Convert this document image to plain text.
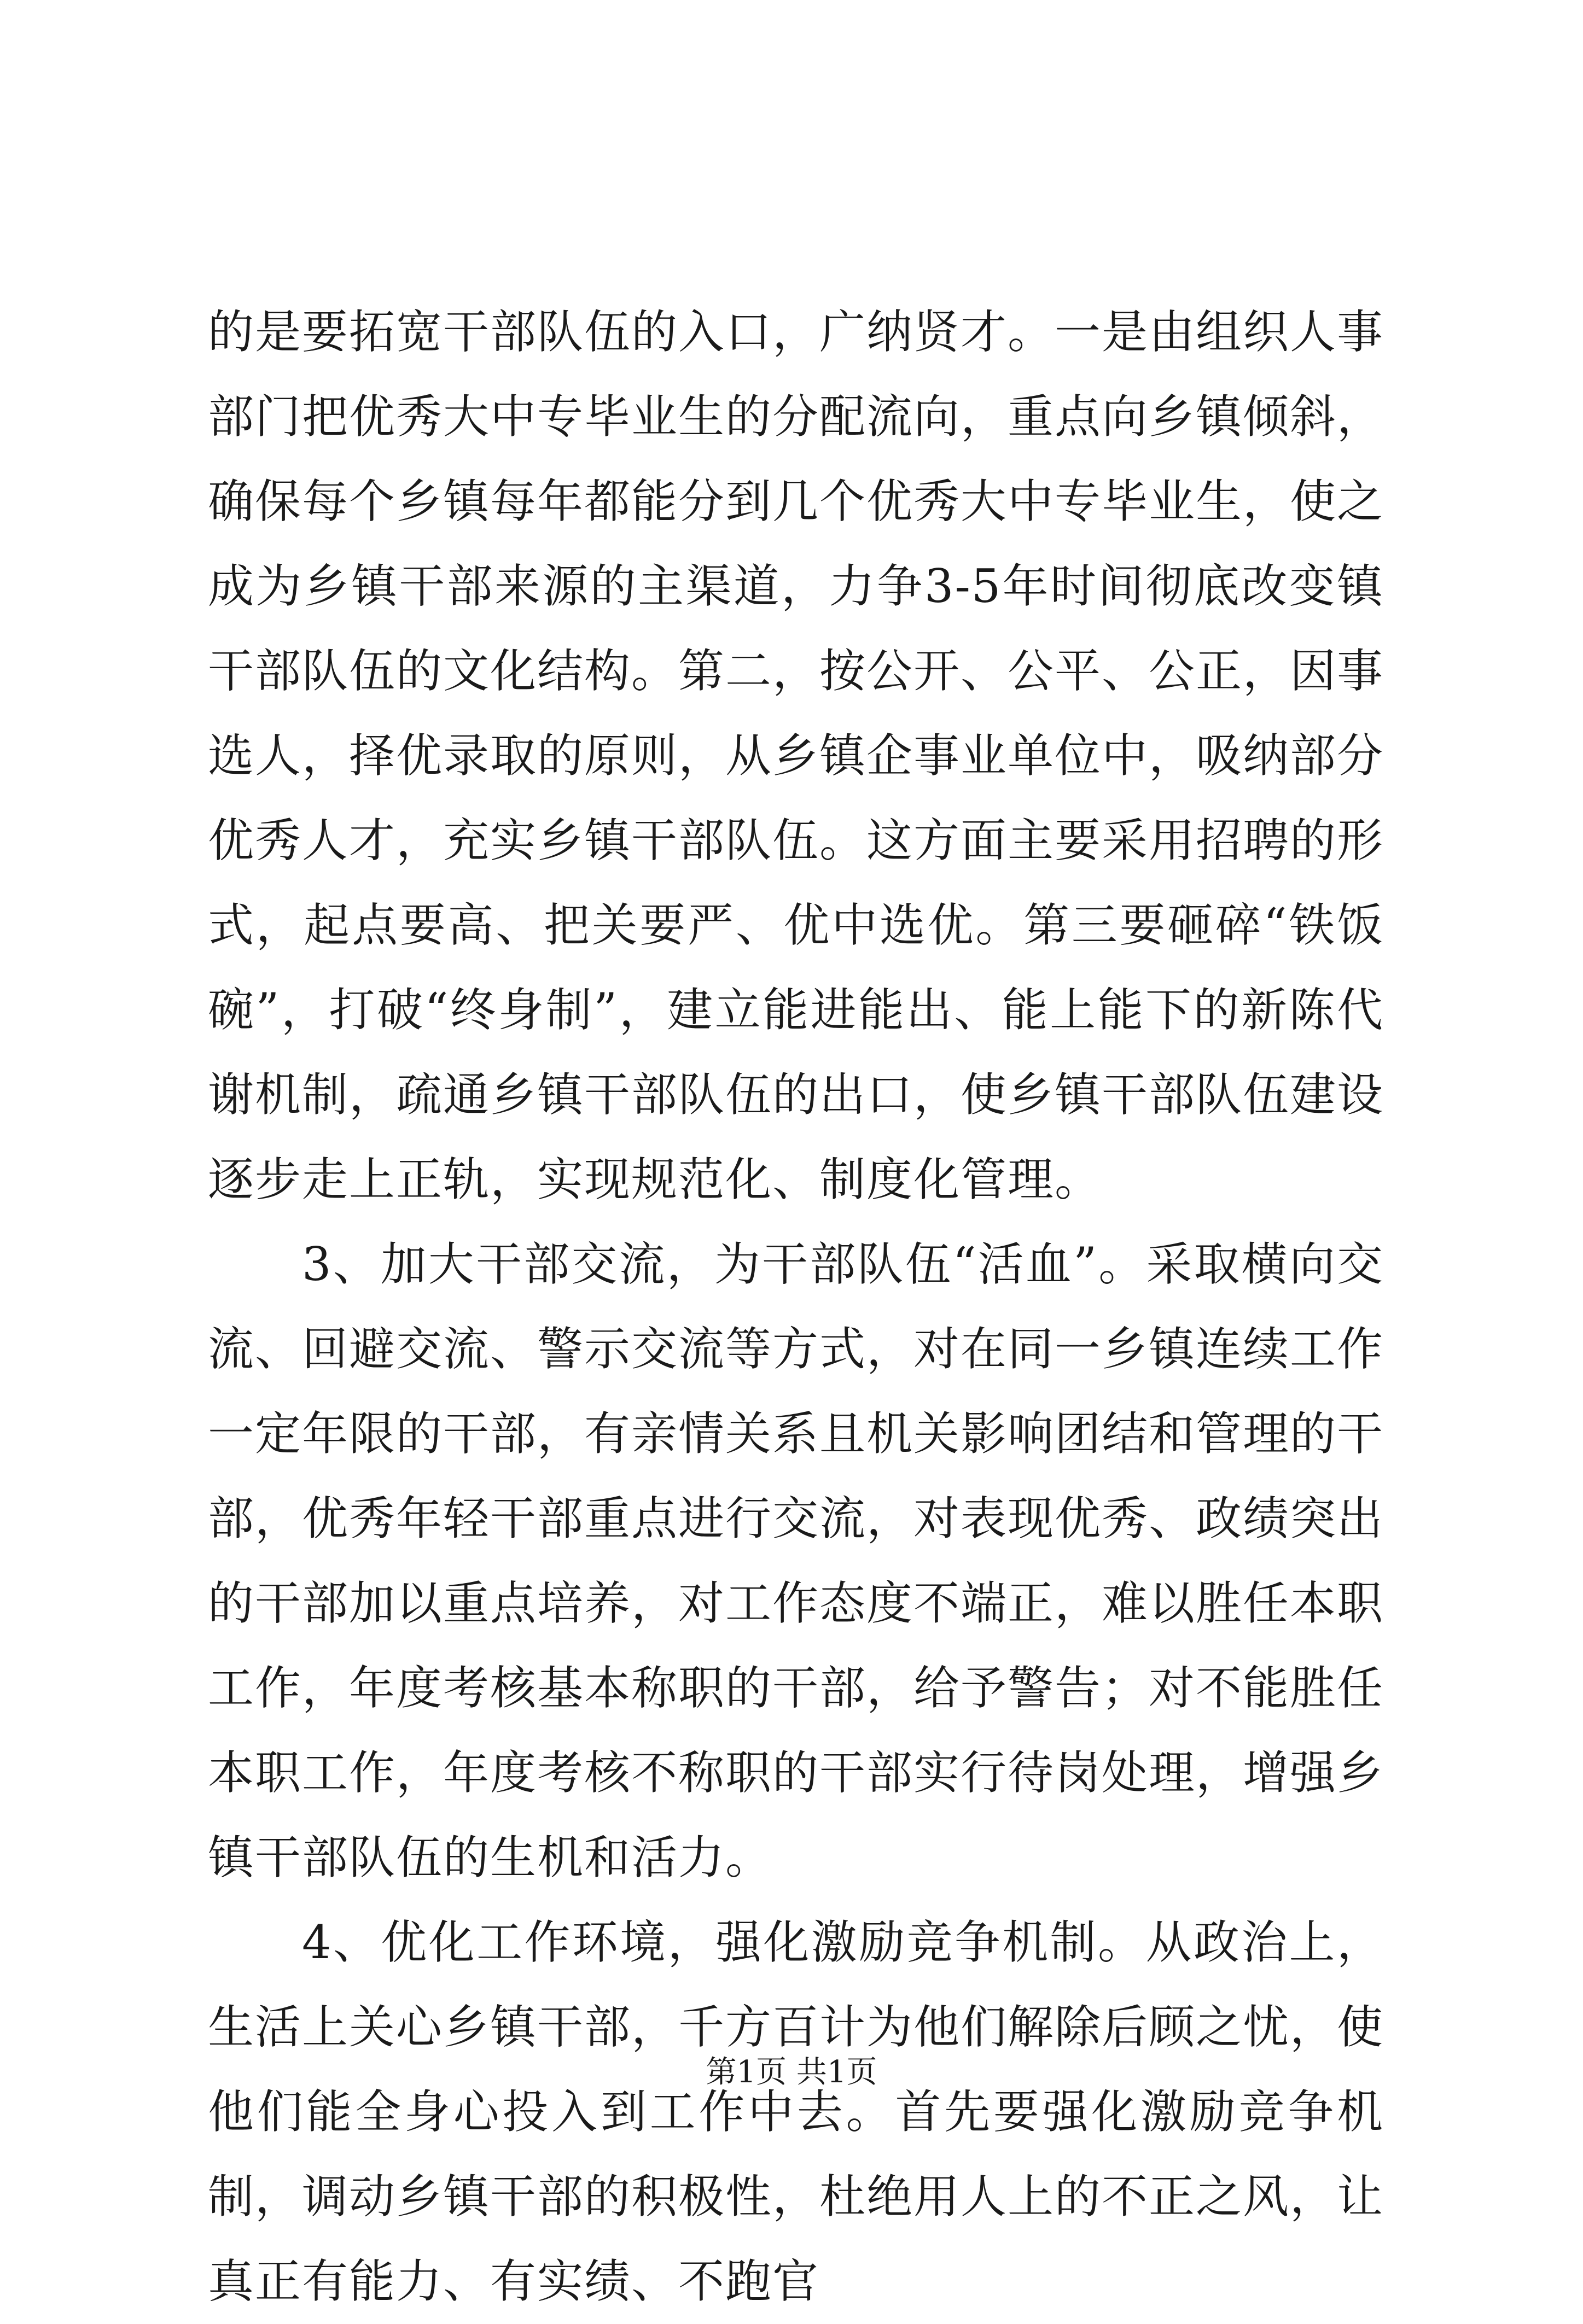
的是要拓宽干部队伍的入口，广纳贤才。一是由组织人事部门把优秀大中专毕业生的分配流向，重点向乡镇倾斜，确保每个乡镇每年都能分到几个优秀大中专毕业生，使之成为乡镇干部来源的主渠道，力争3-5年时间彻底改变镇干部队伍的文化结构。第二，按公开、公平、公正，因事选人，择优录取的原则，从乡镇企事业单位中，吸纳部分优秀人才，充实乡镇干部队伍。这方面主要采用招聘的形式，起点要高、把关要严、优中选优。第三要砸碎“铁饭碗”，打破“终身制”，建立能进能出、能上能下的新陈代谢机制，疏通乡镇干部队伍的出口，使乡镇干部队伍建设逐步走上正轨，实现规范化、制度化管理。

3、加大干部交流，为干部队伍“活血”。采取横向交流、回避交流、警示交流等方式，对在同一乡镇连续工作一定年限的干部，有亲情关系且机关影响团结和管理的干部，优秀年轻干部重点进行交流，对表现优秀、政绩突出的干部加以重点培养，对工作态度不端正，难以胜任本职工作，年度考核基本称职的干部，给予警告；对不能胜任本职工作，年度考核不称职的干部实行待岗处理，增强乡镇干部队伍的生机和活力。

4、优化工作环境，强化激励竞争机制。从政治上，生活上关心乡镇干部，千方百计为他们解除后顾之忧，使他们能全身心投入到工作中去。首先要强化激励竞争机制，调动乡镇干部的积极性，杜绝用人上的不正之风，让真正有能力、有实绩、不跑官

第1页 共1页
